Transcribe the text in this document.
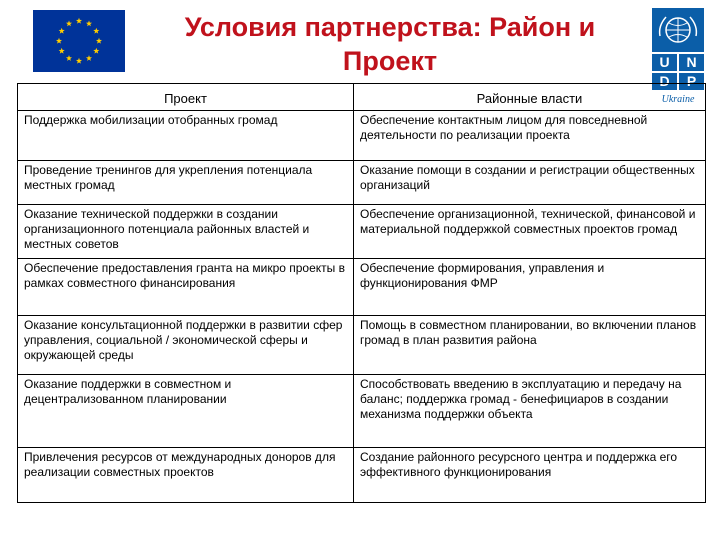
Условия партнерства: Район и Проект	U N
D P
Ukraine
Проект	Районные власти
Поддержка мобилизации отобранных громад	Обеспечение контактным лицом для повседневной деятельности по реализации проекта
Проведение тренингов для укрепления потенциала местных громад	Оказание помощи в создании и регистрации общественных организаций
Оказание технической поддержки в создании организационного потенциала районных властей и местных советов	Обеспечение организационной, технической, финансовой и материальной поддержкой совместных проектов громад
Обеспечение предоставления гранта на микро проекты в рамках совместного финансирования	Обеспечение формирования, управления и функционирования ФМР
Оказание консультационной поддержки в развитии сфер управления, социальной / экономической сферы и окружающей среды	Помощь в совместном планировании, во включении планов громад в план развития района
Оказание поддержки в совместном и децентрализованном планировании	Способствовать введению в эксплуатацию и передачу на баланс; поддержка громад - бенефициаров в создании механизма поддержки объекта
Привлечения ресурсов от международных доноров для реализации совместных проектов	Создание районного ресурсного центра и поддержка его эффективного функционирования
